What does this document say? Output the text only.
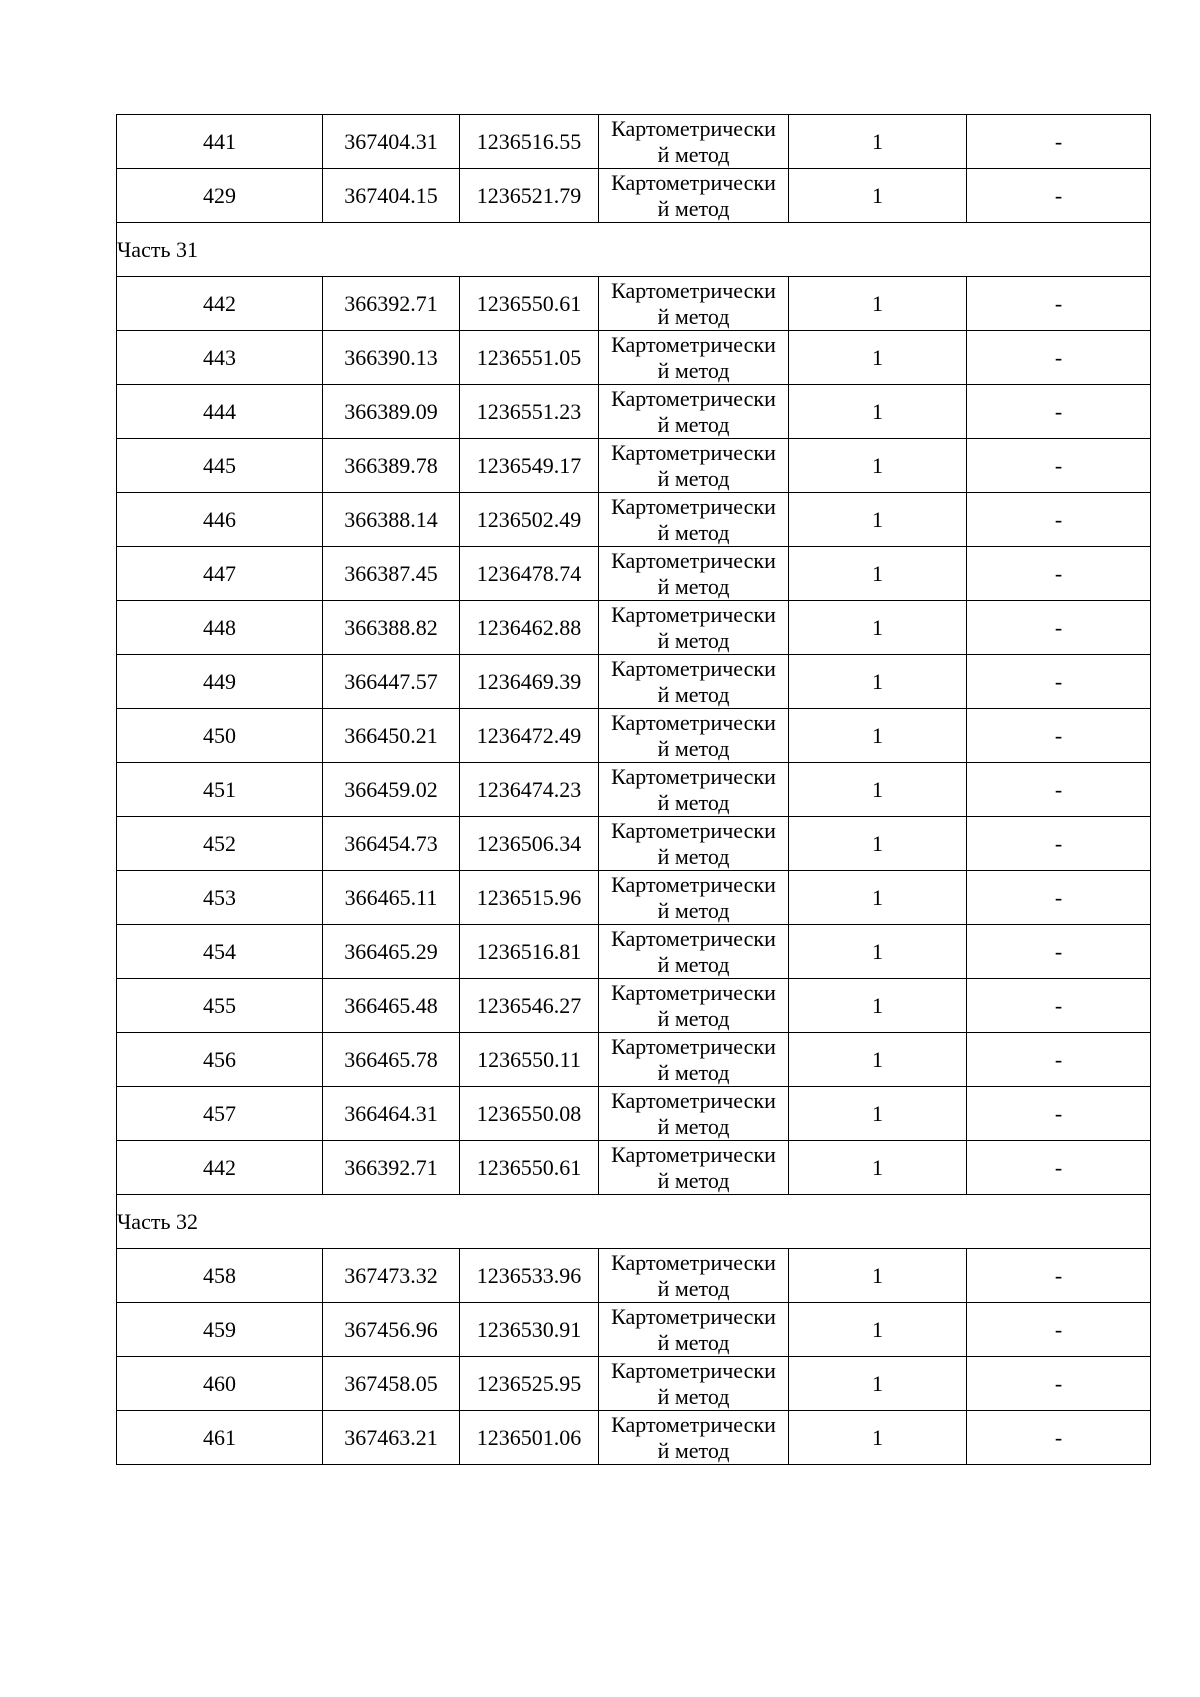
441	367404.31	1236516.55	Картометрически
й метод	1	-
429	367404.15	1236521.79	Картометрически
й метод	1	-
Часть 31					
442	366392.71	1236550.61	Картометрически
й метод	1	-
443	366390.13	1236551.05	Картометрически
й метод	1	-
444	366389.09	1236551.23	Картометрически
й метод	1	-
445	366389.78	1236549.17	Картометрически
й метод	1	-
446	366388.14	1236502.49	Картометрически
й метод	1	-
447	366387.45	1236478.74	Картометрически
й метод	1	-
448	366388.82	1236462.88	Картометрически
й метод	1	-
449	366447.57	1236469.39	Картометрически
й метод	1	-
450	366450.21	1236472.49	Картометрически
й метод	1	-
451	366459.02	1236474.23	Картометрически
й метод	1	-
452	366454.73	1236506.34	Картометрически
й метод	1	-
453	366465.11	1236515.96	Картометрически
й метод	1	-
454	366465.29	1236516.81	Картометрически
й метод	1	-
455	366465.48	1236546.27	Картометрически
й метод	1	-
456	366465.78	1236550.11	Картометрически
й метод	1	-
457	366464.31	1236550.08	Картометрически
й метод	1	-
442	366392.71	1236550.61	Картометрически
й метод	1	-
Часть 32					
458	367473.32	1236533.96	Картометрически
й метод	1	-
459	367456.96	1236530.91	Картометрически
й метод	1	-
460	367458.05	1236525.95	Картометрически
й метод	1	-
461	367463.21	1236501.06	Картометрически
й метод	1	-
